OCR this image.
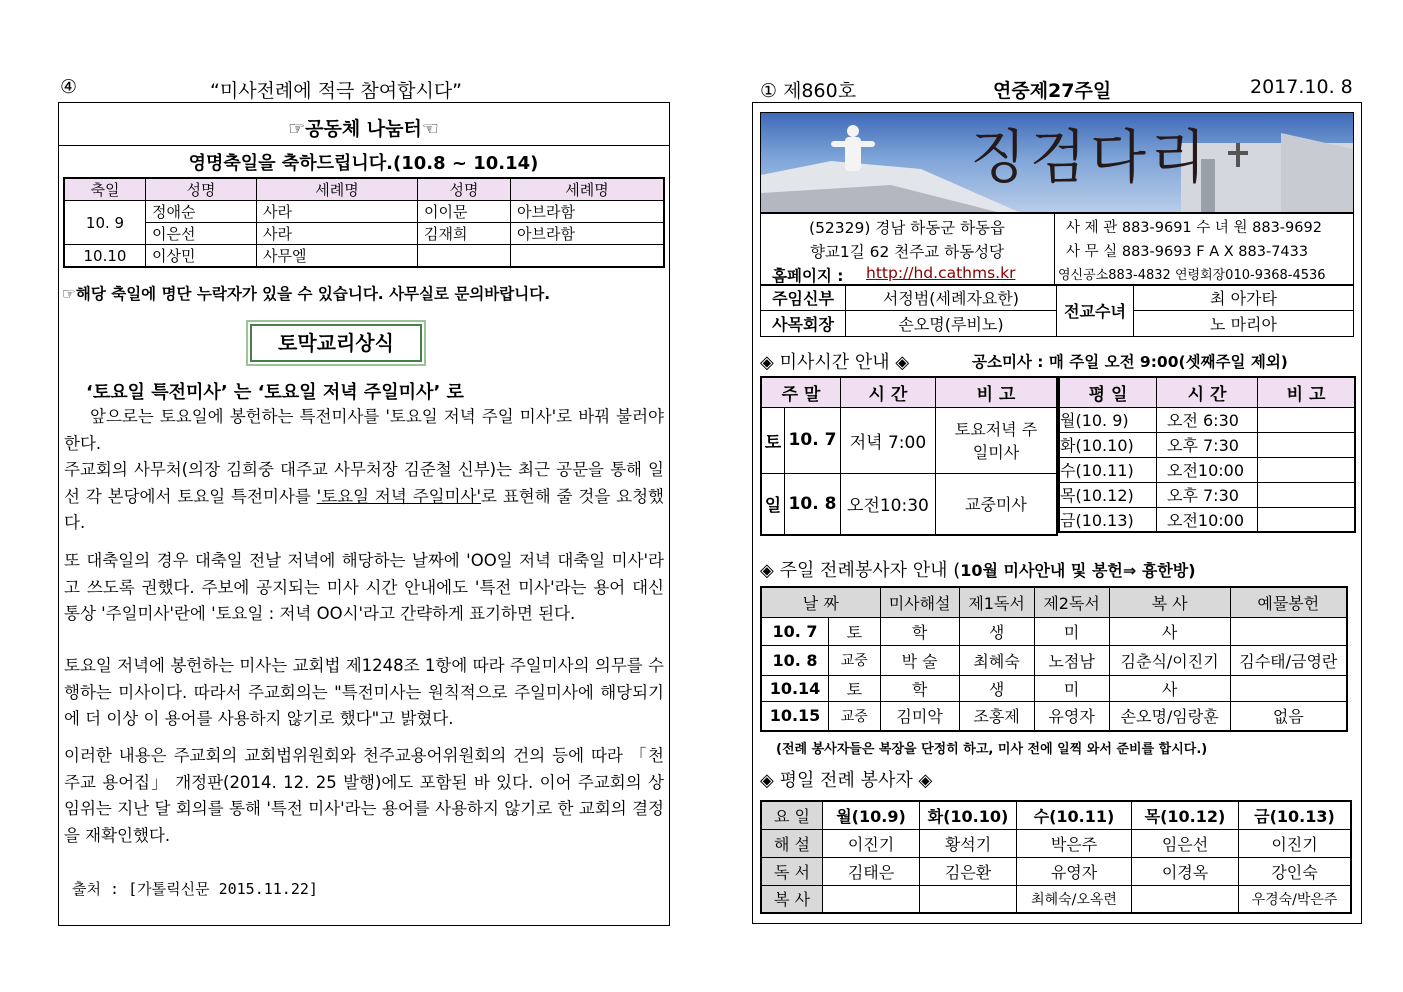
④	“미사전례에 적극 참여합시다”
☞공동체 나눔터☜
영명축일을 축하드립니다.(10.8 ~ 10.14)
축일	성명	세례명	성명	세례명
10. 9	정애순	사라	이이문	아브라함
	이은선	사라	김재희	아브라함
10.10	이상민	사무엘		
☞해당 축일에 명단 누락자가 있을 수 있습니다. 사무실로 문의바랍니다.
토막교리상식
‘토요일 특전미사’ 는 ‘토요일 저녁 주일미사’ 로
앞으로는 토요일에 봉헌하는 특전미사를 '토요일 저녁 주일 미사'로 바꿔 불러야 한다.
주교회의 사무처(의장 김희중 대주교 사무처장 김준철 신부)는 최근 공문을 통해 일선 각 본당에서 토요일 특전미사를 '토요일 저녁 주일미사'로 표현해 줄 것을 요청했다.
또 대축일의 경우 대축일 전날 저녁에 해당하는 날짜에 'OO일 저녁 대축일 미사'라고 쓰도록 권했다. 주보에 공지되는 미사 시간 안내에도 '특전 미사'라는 용어 대신 통상 '주일미사'란에 '토요일 : 저녁 OO시'라고 간략하게 표기하면 된다.
토요일 저녁에 봉헌하는 미사는 교회법 제1248조 1항에 따라 주일미사의 의무를 수행하는 미사이다. 따라서 주교회의는 "특전미사는 원칙적으로 주일미사에 해당되기에 더 이상 이 용어를 사용하지 않기로 했다"고 밝혔다.
이러한 내용은 주교회의 교회법위원회와 천주교용어위원회의 건의 등에 따라 「천주교 용어집」 개정판(2014. 12. 25 발행)에도 포함된 바 있다. 이어 주교회의 상임위는 지난 달 회의를 통해 '특전 미사'라는 용어를 사용하지 않기로 한 교회의 결정을 재확인했다.
출처 : [가톨릭신문 2015.11.22]
① 제860호	연중제27주일	2017.10. 8
징검다리
(52329) 경남 하동군 하동읍
향교1길 62 천주교 하동성당
홈페이지 : http://hd.cathms.kr
사 제 관 883-9691 수 녀 원 883-9692
사 무 실 883-9693 F A X 883-7433
영신공소883-4832 연령회장010-9368-4536
주임신부	서정범(세례자요한)	전교수녀	최 아가타
사목회장	손오명(루비노)		노 마리아
◈ 미사시간 안내 ◈	공소미사 : 매 주일 오전 9:00(셋째주일 제외)
주 말		시 간	비 고
토	10. 7	저녁 7:00	토요저녁 주일미사
일	10. 8	오전10:30	교중미사
평 일	시 간	비 고
월(10. 9)	오전 6:30	
화(10.10)	오후 7:30	
수(10.11)	오전10:00	
목(10.12)	오후 7:30	
금(10.13)	오전10:00	
◈ 주일 전례봉사자 안내 (10월 미사안내 및 봉헌⇒ 흉한방)
날 짜		미사해설	제1독서	제2독서	복 사	예물봉헌
10. 7	토	학	생	미	사	
10. 8	교중	박 술	최혜숙	노점남	김춘식/이진기	김수태/금영란
10.14	토	학	생	미	사	
10.15	교중	김미악	조홍제	유영자	손오명/임랑훈	없음
(전례 봉사자들은 복장을 단정히 하고, 미사 전에 일찍 와서 준비를 합시다.)
◈ 평일 전례 봉사자 ◈
요 일	월(10.9)	화(10.10)	수(10.11)	목(10.12)	금(10.13)
해 설	이진기	황석기	박은주	임은선	이진기
독 서	김태은	김은환	유영자	이경옥	강인숙
복 사			최혜숙/오옥련		우경숙/박은주
